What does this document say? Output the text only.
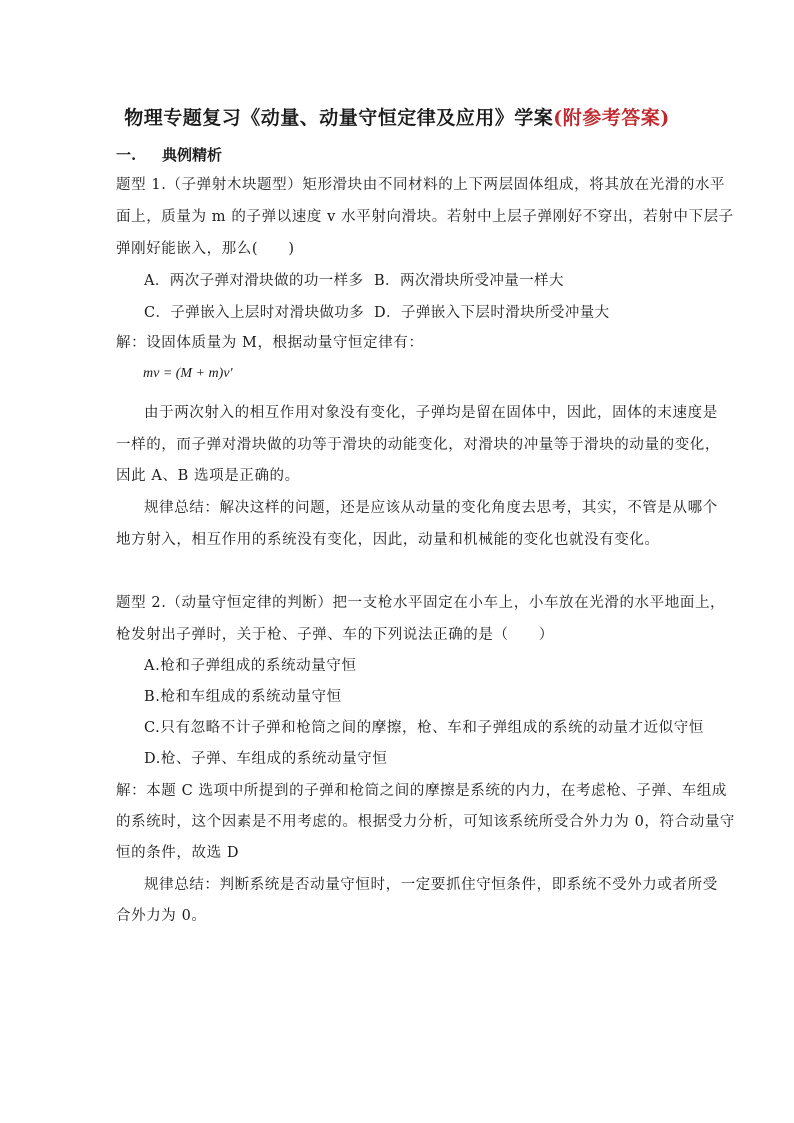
物理专题复习《动量、动量守恒定律及应用》学案(附参考答案)
一. 典例精析
题型 1.（子弹射木块题型）矩形滑块由不同材料的上下两层固体组成，将其放在光滑的水平
面上，质量为 m 的子弹以速度 v 水平射向滑块。若射中上层子弹刚好不穿出，若射中下层子
弹刚好能嵌入，那么(　　)
A．两次子弹对滑块做的功一样多 B．两次滑块所受冲量一样大
C．子弹嵌入上层时对滑块做功多 D．子弹嵌入下层时滑块所受冲量大
解：设固体质量为 M，根据动量守恒定律有：
mv = (M + m)v'
由于两次射入的相互作用对象没有变化，子弹均是留在固体中，因此，固体的末速度是
一样的，而子弹对滑块做的功等于滑块的动能变化，对滑块的冲量等于滑块的动量的变化，
因此 A、B 选项是正确的。
规律总结：解决这样的问题，还是应该从动量的变化角度去思考，其实，不管是从哪个
地方射入，相互作用的系统没有变化，因此，动量和机械能的变化也就没有变化。
题型 2.（动量守恒定律的判断）把一支枪水平固定在小车上，小车放在光滑的水平地面上，
枪发射出子弹时，关于枪、子弹、车的下列说法正确的是（　　）
A.枪和子弹组成的系统动量守恒
B.枪和车组成的系统动量守恒
C.只有忽略不计子弹和枪筒之间的摩擦，枪、车和子弹组成的系统的动量才近似守恒
D.枪、子弹、车组成的系统动量守恒
解：本题 C 选项中所提到的子弹和枪筒之间的摩擦是系统的内力，在考虑枪、子弹、车组成
的系统时，这个因素是不用考虑的。根据受力分析，可知该系统所受合外力为 0，符合动量守
恒的条件，故选 D
规律总结：判断系统是否动量守恒时，一定要抓住守恒条件，即系统不受外力或者所受
合外力为 0。
